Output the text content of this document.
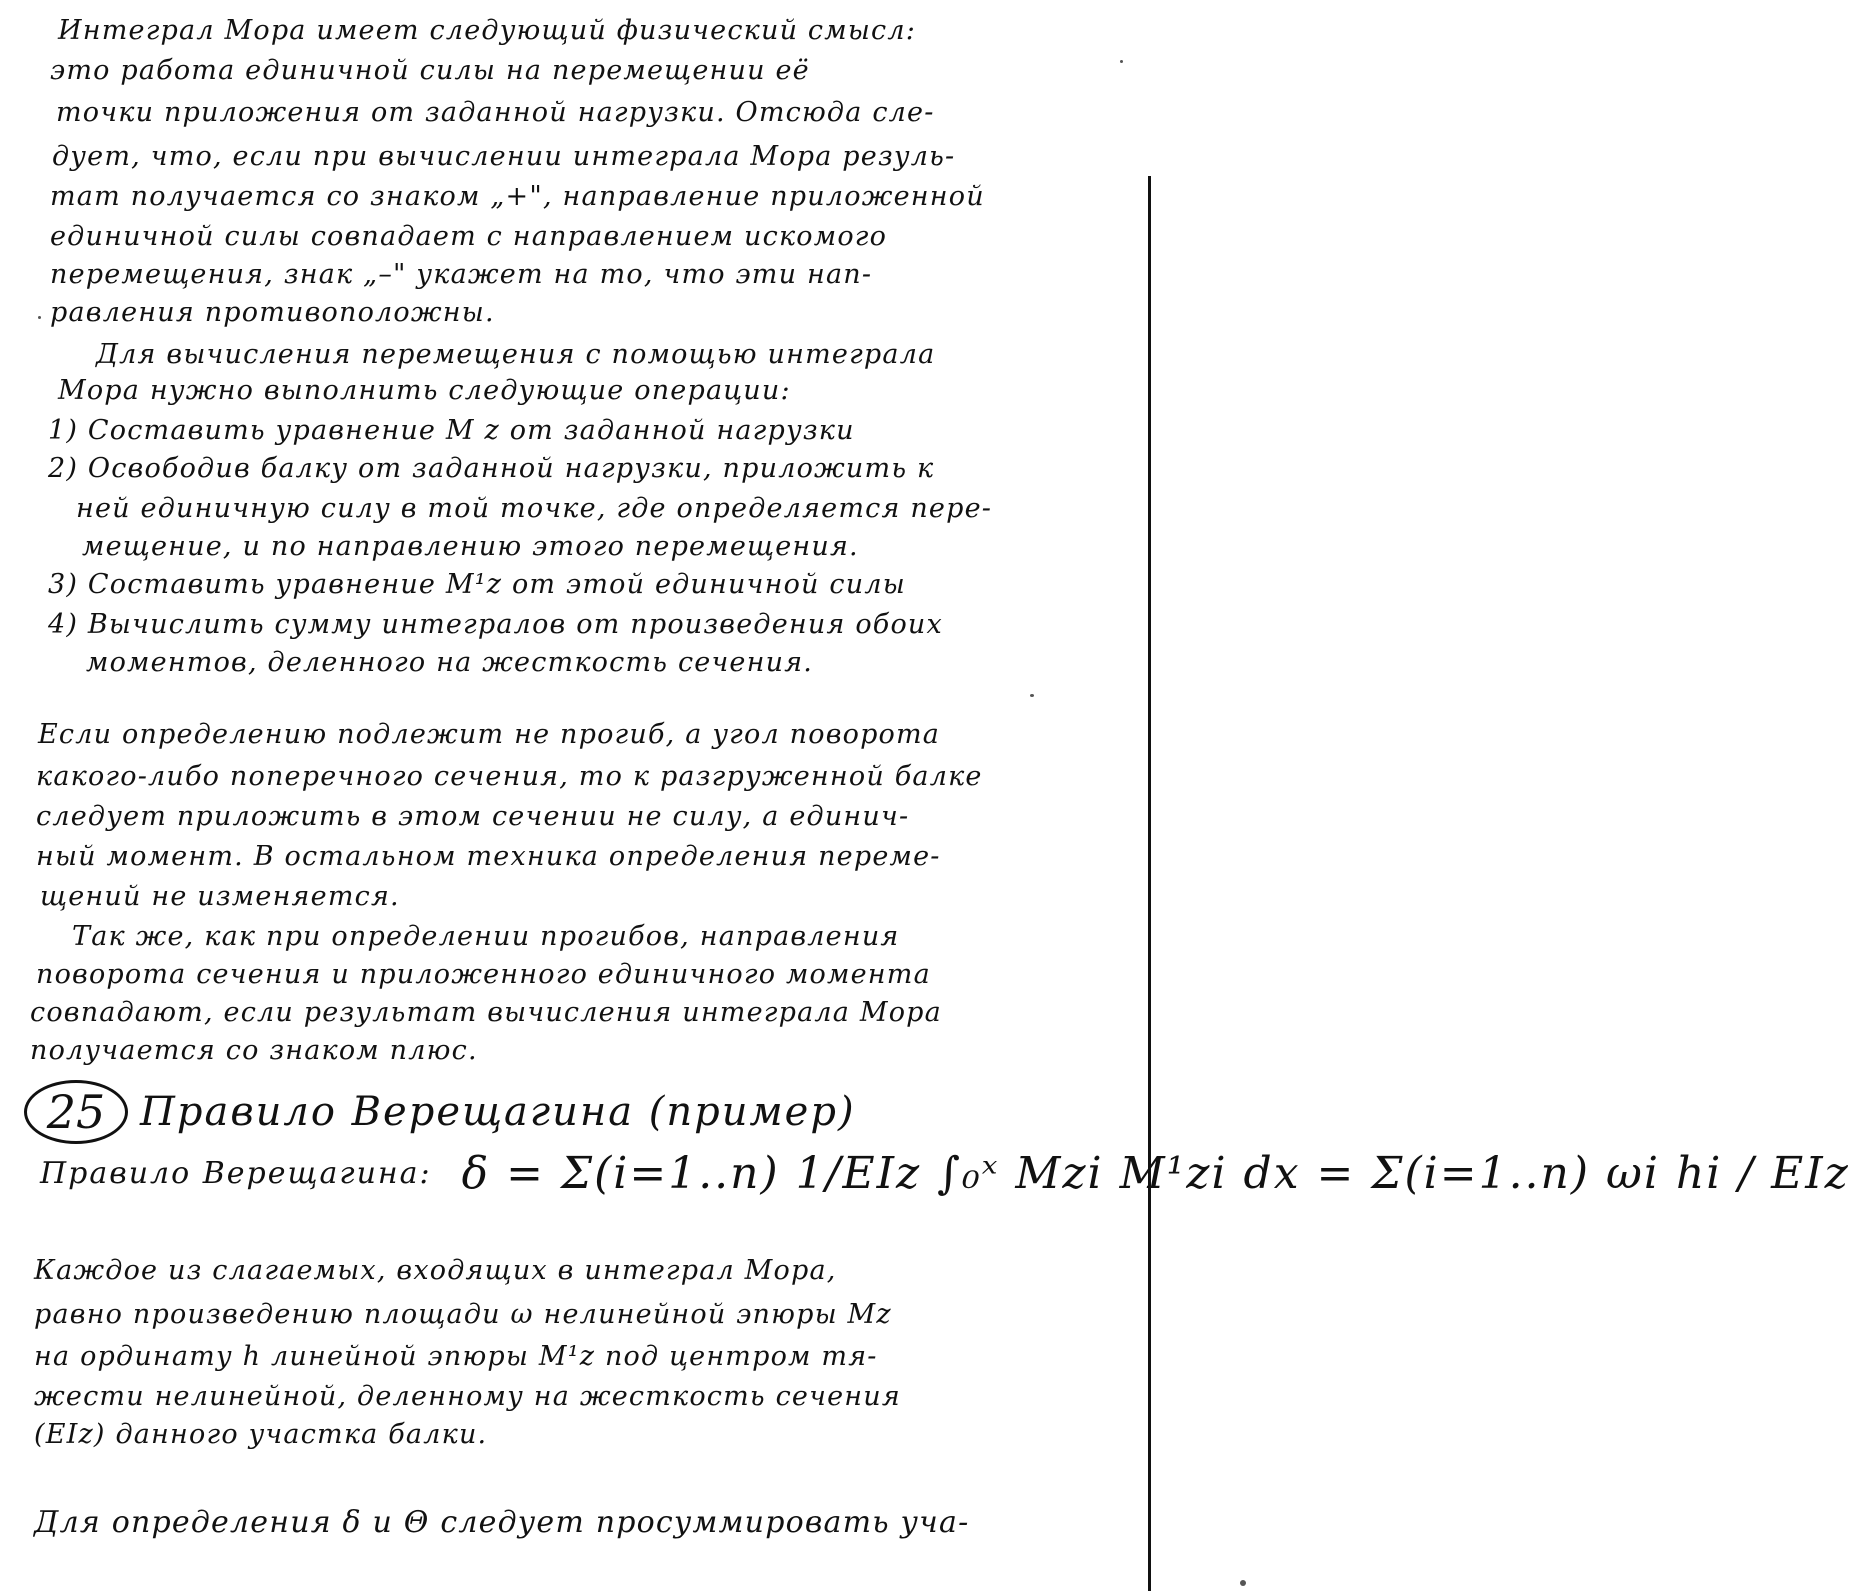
Интеграл Мора имеет следующий физический смысл:
это работа единичной силы на перемещении её
точки приложения от заданной нагрузки. Отсюда сле-
дует, что, если при вычислении интеграла Мора резуль-
тат получается со знаком „+", направление приложенной
единичной силы совпадает с направлением искомого
перемещения, знак „–" укажет на то, что эти нап-
равления противоположны.
Для вычисления перемещения с помощью интеграла
Мора нужно выполнить следующие операции:
1) Составить уравнение M z от заданной нагрузки
2) Освободив балку от заданной нагрузки, приложить к
ней единичную силу в той точке, где определяется пере-
мещение, и по направлению этого перемещения.
3) Составить уравнение M¹z от этой единичной силы
4) Вычислить сумму интегралов от произведения обоих
моментов, деленного на жесткость сечения.
Если определению подлежит не прогиб, а угол поворота
какого-либо поперечного сечения, то к разгруженной балке
следует приложить в этом сечении не силу, а единич-
ный момент. В остальном техника определения переме-
щений не изменяется.
Так же, как при определении прогибов, направления
поворота сечения и приложенного единичного момента
совпадают, если результат вычисления интеграла Мора
получается со знаком плюс.
25 Правило Верещагина (пример)
Правило Верещагина: δ = Σ(i=1..n) 1/EIz ∫₀ˣ Mzi M¹zi dx = Σ(i=1..n) ωi hi / EIz
Каждое из слагаемых, входящих в интеграл Мора,
равно произведению площади ω нелинейной эпюры Mz
на ординату h линейной эпюры M¹z под центром тя-
жести нелинейной, деленному на жесткость сечения
(EIz) данного участка балки.
Для определения δ и Θ следует просуммировать уча-
